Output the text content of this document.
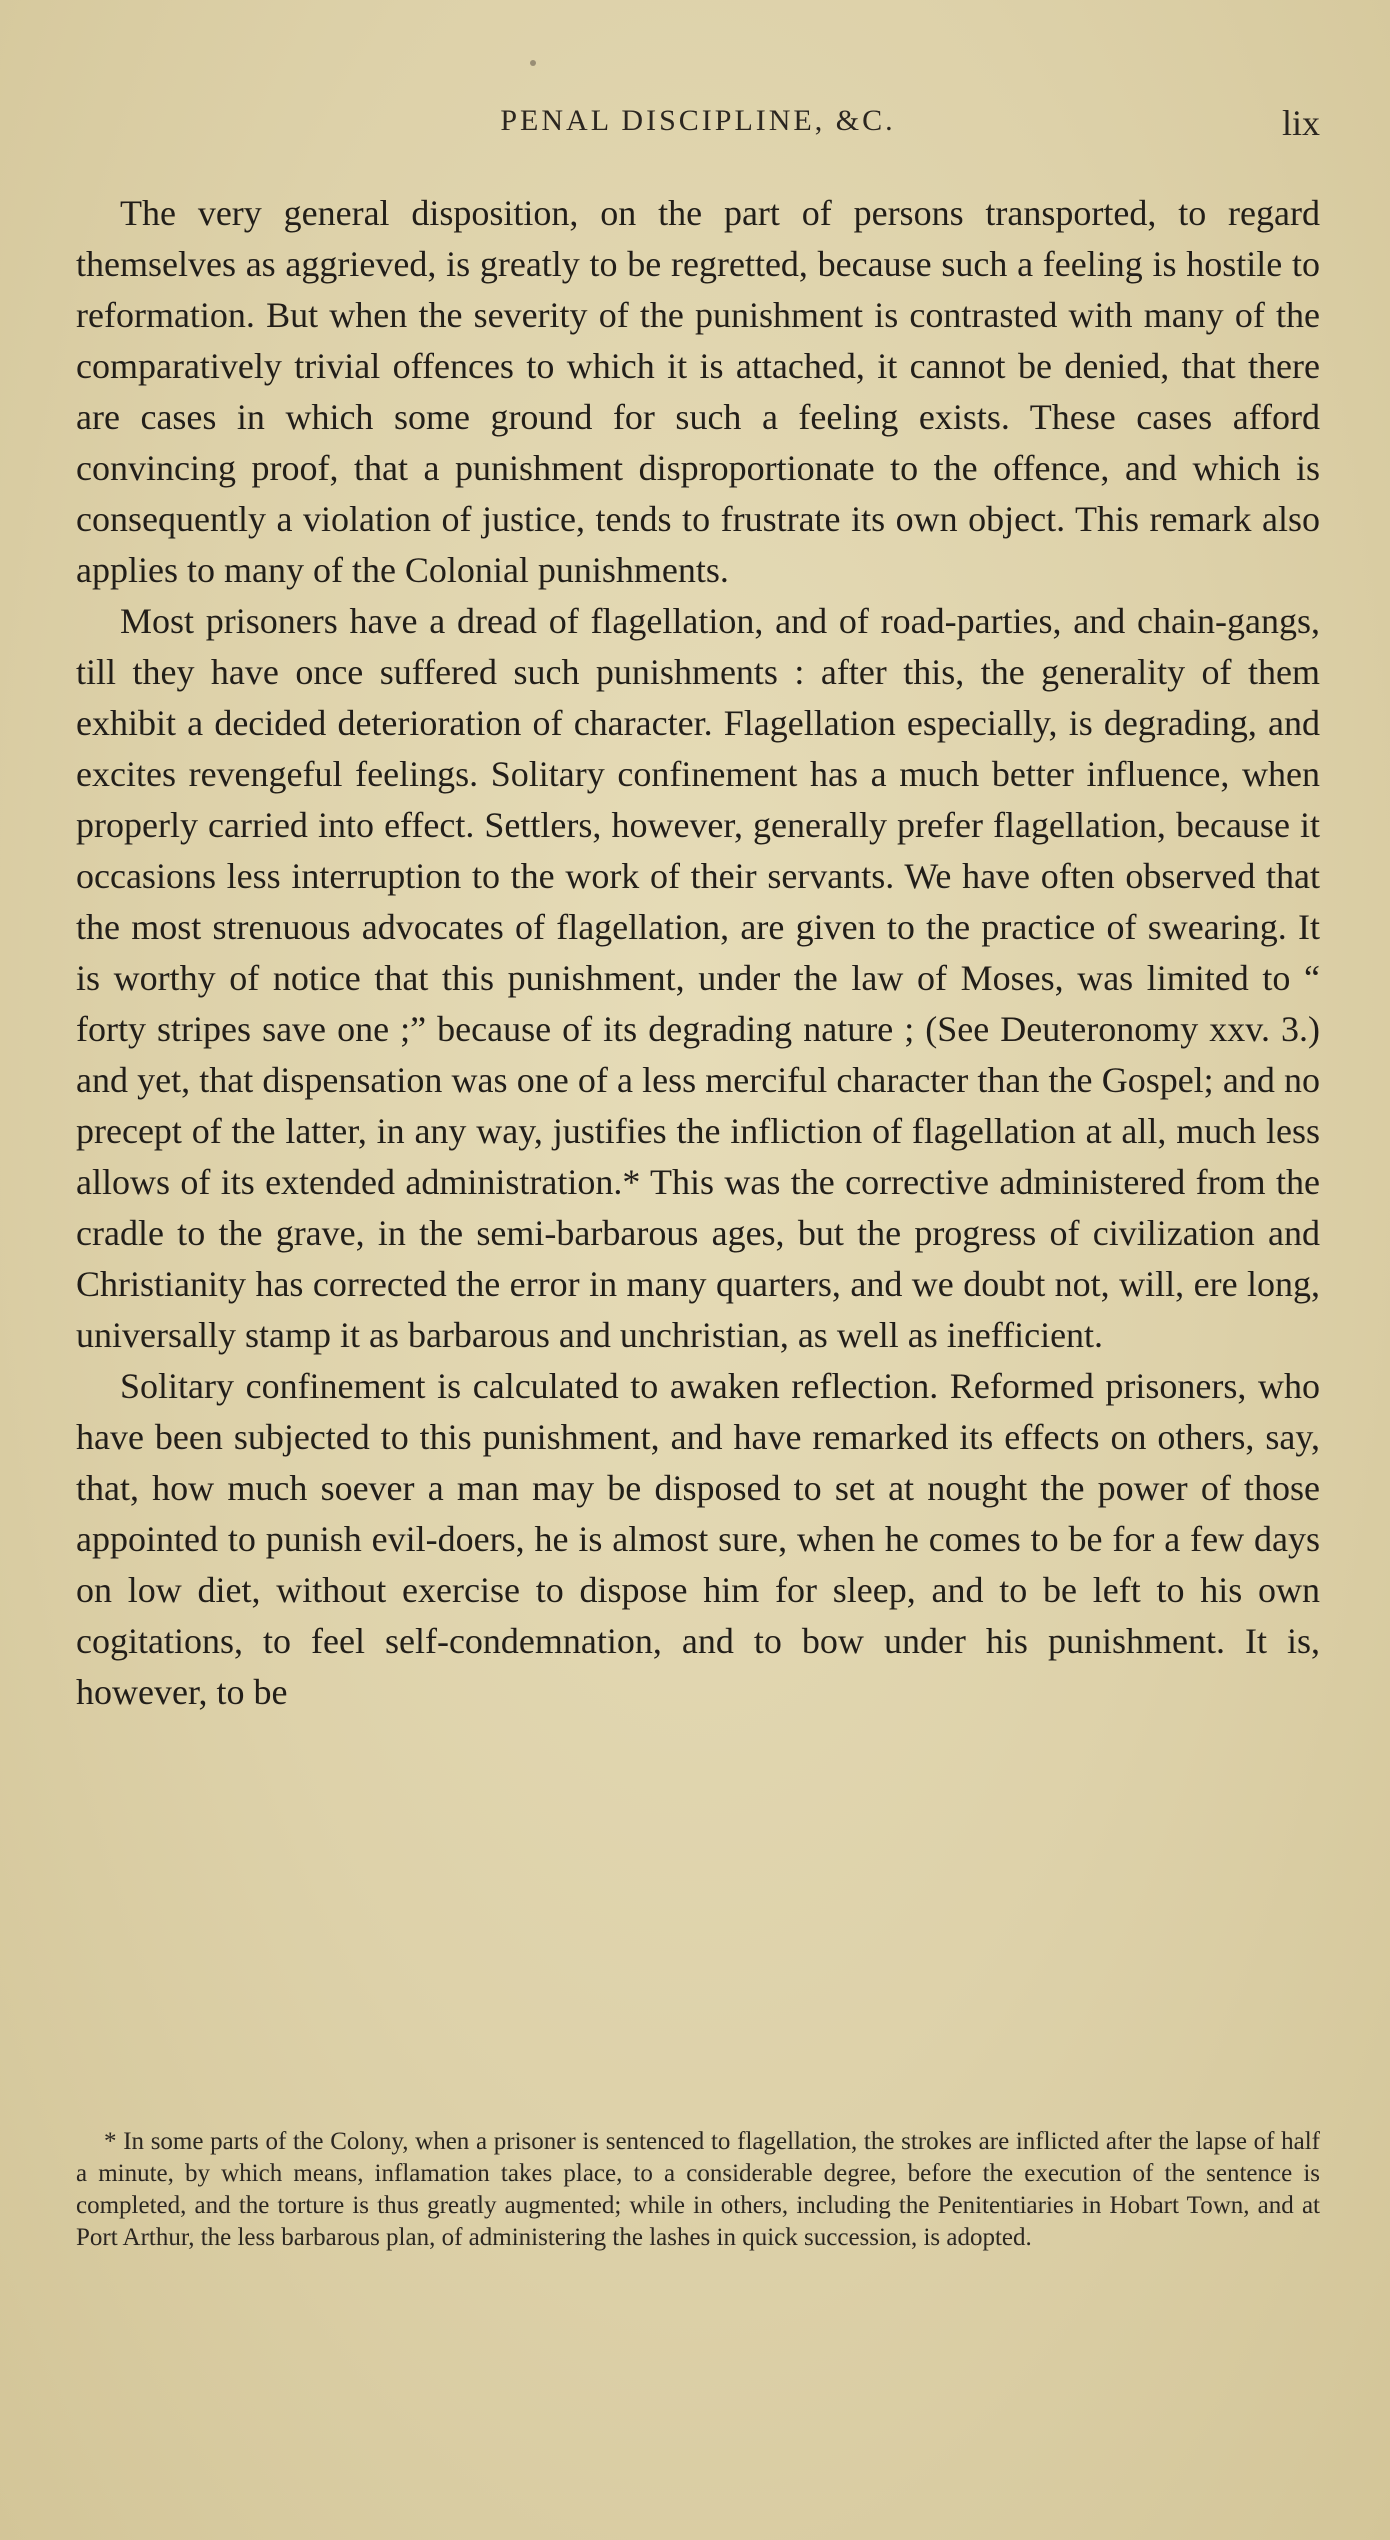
PENAL DISCIPLINE, &C.	lix

The very general disposition, on the part of persons transported, to regard themselves as aggrieved, is greatly to be regretted, because such a feeling is hostile to reformation. But when the severity of the punishment is contrasted with many of the comparatively trivial offences to which it is attached, it cannot be denied, that there are cases in which some ground for such a feeling exists. These cases afford convincing proof, that a punishment disproportionate to the offence, and which is consequently a violation of justice, tends to frustrate its own object. This remark also applies to many of the Colonial punishments.

Most prisoners have a dread of flagellation, and of road-parties, and chain-gangs, till they have once suffered such punishments : after this, the generality of them exhibit a decided deterioration of character. Flagellation especially, is degrading, and excites revengeful feelings. Solitary confinement has a much better influence, when properly carried into effect. Settlers, however, generally prefer flagellation, because it occasions less interruption to the work of their servants. We have often observed that the most strenuous advocates of flagellation, are given to the practice of swearing. It is worthy of notice that this punishment, under the law of Moses, was limited to “ forty stripes save one ;” because of its degrading nature ; (See Deuteronomy xxv. 3.) and yet, that dispensation was one of a less merciful character than the Gospel; and no precept of the latter, in any way, justifies the infliction of flagellation at all, much less allows of its extended administration.* This was the corrective administered from the cradle to the grave, in the semi-barbarous ages, but the progress of civilization and Christianity has corrected the error in many quarters, and we doubt not, will, ere long, universally stamp it as barbarous and unchristian, as well as inefficient.

Solitary confinement is calculated to awaken reflection. Reformed prisoners, who have been subjected to this punishment, and have remarked its effects on others, say, that, how much soever a man may be disposed to set at nought the power of those appointed to punish evil-doers, he is almost sure, when he comes to be for a few days on low diet, without exercise to dispose him for sleep, and to be left to his own cogitations, to feel self-condemnation, and to bow under his punishment. It is, however, to be

* In some parts of the Colony, when a prisoner is sentenced to flagellation, the strokes are inflicted after the lapse of half a minute, by which means, inflamation takes place, to a considerable degree, before the execution of the sentence is completed, and the torture is thus greatly augmented; while in others, including the Penitentiaries in Hobart Town, and at Port Arthur, the less barbarous plan, of administering the lashes in quick succession, is adopted.
